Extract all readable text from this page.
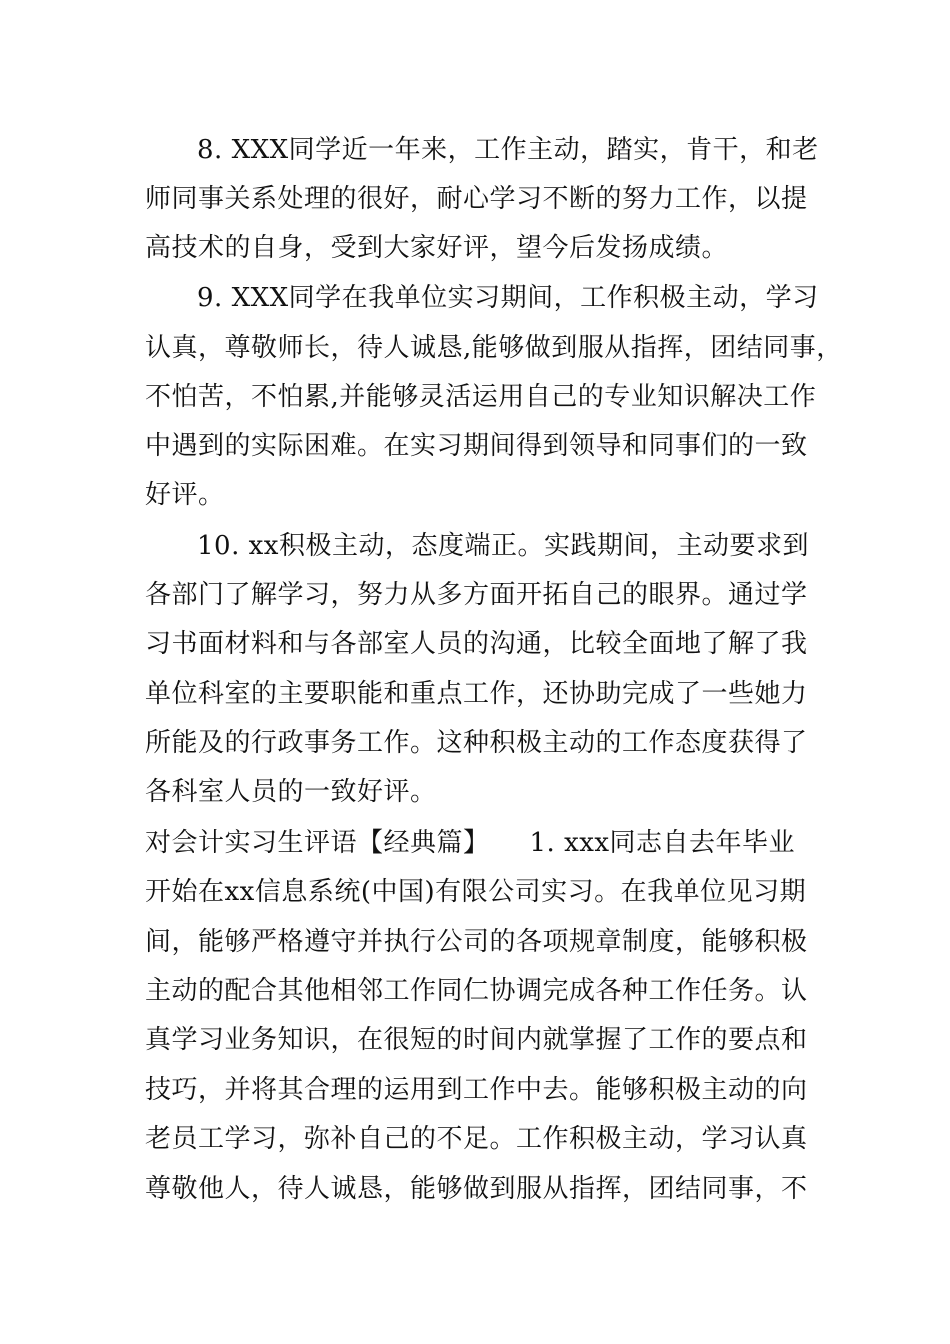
8. XXX同学近一年来，工作主动，踏实，肯干，和老
师同事关系处理的很好，耐心学习不断的努力工作，以提
高技术的自身，受到大家好评，望今后发扬成绩。
9. XXX同学在我单位实习期间，工作积极主动，学习
认真，尊敬师长，待人诚恳,能够做到服从指挥，团结同事，
不怕苦，不怕累,并能够灵活运用自己的专业知识解决工作
中遇到的实际困难。在实习期间得到领导和同事们的一致
好评。
10. xx积极主动，态度端正。实践期间，主动要求到
各部门了解学习，努力从多方面开拓自己的眼界。通过学
习书面材料和与各部室人员的沟通，比较全面地了解了我
单位科室的主要职能和重点工作，还协助完成了一些她力
所能及的行政事务工作。这种积极主动的工作态度获得了
各科室人员的一致好评。
对会计实习生评语【经典篇】　　1. xxx同志自去年毕业
开始在xx信息系统(中国)有限公司实习。在我单位见习期
间，能够严格遵守并执行公司的各项规章制度，能够积极
主动的配合其他相邻工作同仁协调完成各种工作任务。认
真学习业务知识，在很短的时间内就掌握了工作的要点和
技巧，并将其合理的运用到工作中去。能够积极主动的向
老员工学习，弥补自己的不足。工作积极主动，学习认真
尊敬他人，待人诚恳，能够做到服从指挥，团结同事，不
